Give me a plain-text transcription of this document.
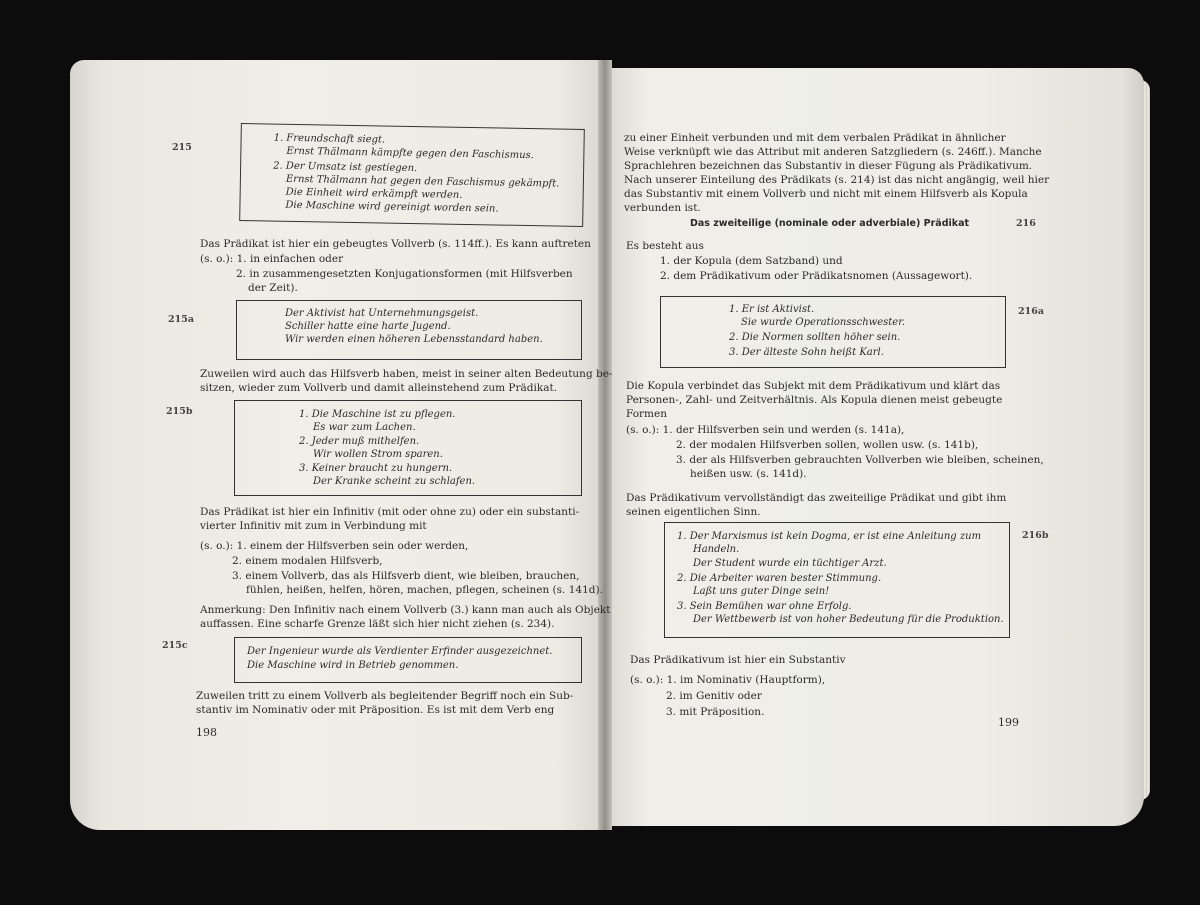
215
1. Freundschaft siegt.
Ernst Thälmann kämpfte gegen den Faschismus.
2. Der Umsatz ist gestiegen.
Ernst Thälmann hat gegen den Faschismus gekämpft.
Die Einheit wird erkämpft werden.
Die Maschine wird gereinigt worden sein.
Das Prädikat ist hier ein gebeugtes Vollverb (s. 114ff.). Es kann auftreten
(s. o.): 1. in einfachen oder
2. in zusammengesetzten Konjugationsformen (mit Hilfsverben
der Zeit).
215a
Der Aktivist hat Unternehmungsgeist.
Schiller hatte eine harte Jugend.
Wir werden einen höheren Lebensstandard haben.
Zuweilen wird auch das Hilfsverb haben, meist in seiner alten Bedeutung be-
sitzen, wieder zum Vollverb und damit alleinstehend zum Prädikat.
215b	1. Die Maschine ist zu pflegen.
Es war zum Lachen.
2. Jeder muß mithelfen.
Wir wollen Strom sparen.
3. Keiner braucht zu hungern.
Der Kranke scheint zu schlafen.
Das Prädikat ist hier ein Infinitiv (mit oder ohne zu) oder ein substanti-
vierter Infinitiv mit zum in Verbindung mit
(s. o.): 1. einem der Hilfsverben sein oder werden,
2. einem modalen Hilfsverb,
3. einem Vollverb, das als Hilfsverb dient, wie bleiben, brauchen,
fühlen, heißen, helfen, hören, machen, pflegen, scheinen (s. 141d).
Anmerkung: Den Infinitiv nach einem Vollverb (3.) kann man auch als Objekt
auffassen. Eine scharfe Grenze läßt sich hier nicht ziehen (s. 234).
215c
Der Ingenieur wurde als Verdienter Erfinder ausgezeichnet.
Die Maschine wird in Betrieb genommen.
Zuweilen tritt zu einem Vollverb als begleitender Begriff noch ein Sub-
stantiv im Nominativ oder mit Präposition. Es ist mit dem Verb eng
198
zu einer Einheit verbunden und mit dem verbalen Prädikat in ähnlicher
Weise verknüpft wie das Attribut mit anderen Satzgliedern (s. 246ff.). Manche
Sprachlehren bezeichnen das Substantiv in dieser Fügung als Prädikativum.
Nach unserer Einteilung des Prädikats (s. 214) ist das nicht angängig, weil hier
das Substantiv mit einem Vollverb und nicht mit einem Hilfsverb als Kopula
verbunden ist.
Das zweiteilige (nominale oder adverbiale) Prädikat	216
Es besteht aus
1. der Kopula (dem Satzband) und
2. dem Prädikativum oder Prädikatsnomen (Aussagewort).
1. Er ist Aktivist.
Sie wurde Operationsschwester.
2. Die Normen sollten höher sein.
3. Der älteste Sohn heißt Karl.
216a
Die Kopula verbindet das Subjekt mit dem Prädikativum und klärt das
Personen-, Zahl- und Zeitverhältnis. Als Kopula dienen meist gebeugte
Formen
(s. o.): 1. der Hilfsverben sein und werden (s. 141a),
2. der modalen Hilfsverben sollen, wollen usw. (s. 141b),
3. der als Hilfsverben gebrauchten Vollverben wie bleiben, scheinen,
heißen usw. (s. 141d).
Das Prädikativum vervollständigt das zweiteilige Prädikat und gibt ihm
seinen eigentlichen Sinn.
1. Der Marxismus ist kein Dogma, er ist eine Anleitung zum
Handeln.
Der Student wurde ein tüchtiger Arzt.
2. Die Arbeiter waren bester Stimmung.
Laßt uns guter Dinge sein!
3. Sein Bemühen war ohne Erfolg.
Der Wettbewerb ist von hoher Bedeutung für die Produktion.
216b
Das Prädikativum ist hier ein Substantiv
(s. o.): 1. im Nominativ (Hauptform),
2. im Genitiv oder
3. mit Präposition.
199
